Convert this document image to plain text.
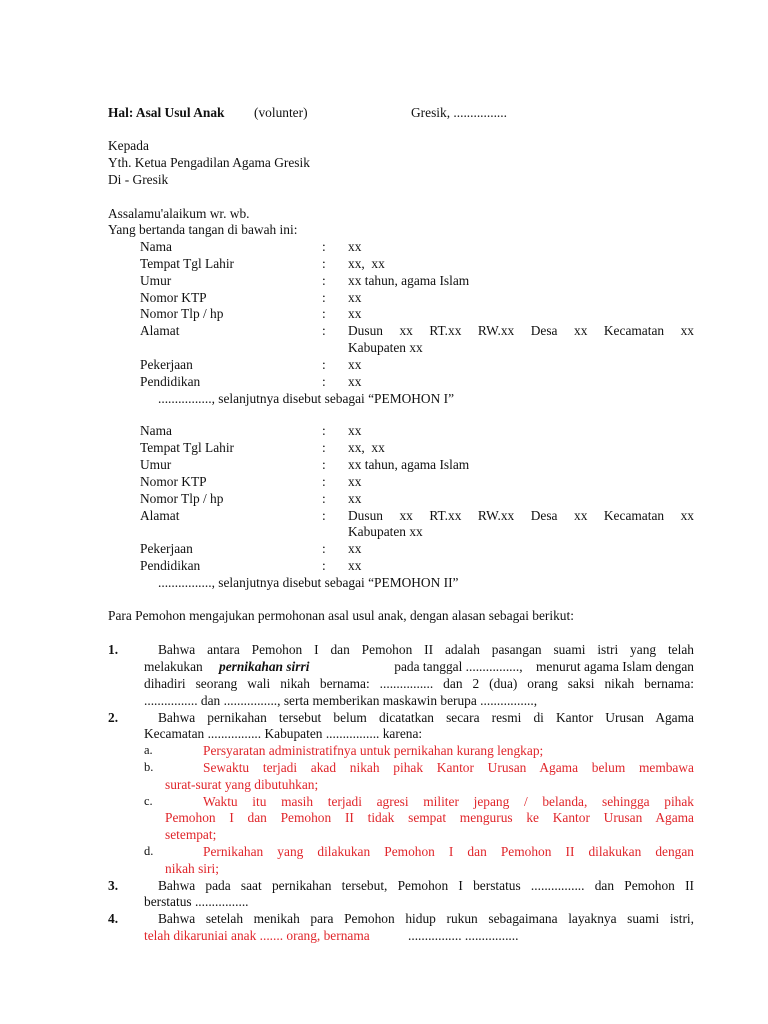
Hal: Asal Usul Anak (volunter)	Gresik, ................
Kepada
Yth. Ketua Pengadilan Agama Gresik
Di - Gresik
Assalamu'alaikum wr. wb.
Yang bertanda tangan di bawah ini:
Nama	: xx
Tempat Tgl Lahir	: xx,  xx
Umur	: xx tahun, agama Islam
Nomor KTP	: xx
Nomor Tlp / hp	: xx
Alamat	: Dusun xx RT.xx RW.xx Desa xx Kecamatan xx
Kabupaten xx
Pekerjaan	: xx
Pendidikan	: xx
................, selanjutnya disebut sebagai “PEMOHON I”
Nama	: xx
Tempat Tgl Lahir	: xx,  xx
Umur	: xx tahun, agama Islam
Nomor KTP	: xx
Nomor Tlp / hp	: xx
Alamat	: Dusun xx RT.xx RW.xx Desa xx Kecamatan xx
Kabupaten xx
Pekerjaan	: xx
Pendidikan	: xx
................, selanjutnya disebut sebagai “PEMOHON II”
Para Pemohon mengajukan permohonan asal usul anak, dengan alasan sebagai berikut:
1.	Bahwa antara Pemohon I dan Pemohon II adalah pasangan suami istri yang telah
melakukan pernikahan sirri	pada tanggal ................,    menurut agama Islam dengan
dihadiri seorang wali nikah bernama: ................ dan 2 (dua) orang saksi nikah bernama:
................ dan ................, serta memberikan maskawin berupa ................,
2.	Bahwa pernikahan tersebut belum dicatatkan secara resmi di Kantor Urusan Agama
Kecamatan ................ Kabupaten ................ karena:
a.	Persyaratan administratifnya untuk pernikahan kurang lengkap;
b.	Sewaktu terjadi akad nikah pihak Kantor Urusan Agama belum membawa
surat-surat yang dibutuhkan;
c.	Waktu itu masih terjadi agresi militer jepang / belanda, sehingga pihak
Pemohon I dan Pemohon II tidak sempat mengurus ke Kantor Urusan Agama
setempat;
d.	Pernikahan yang dilakukan Pemohon I dan Pemohon II dilakukan dengan
nikah siri;
3.	Bahwa pada saat pernikahan tersebut, Pemohon I berstatus ................ dan Pemohon II
berstatus ................
4.	Bahwa setelah menikah para Pemohon hidup rukun sebagaimana layaknya suami istri,
telah dikaruniai anak ....... orang, bernama	................ ................
